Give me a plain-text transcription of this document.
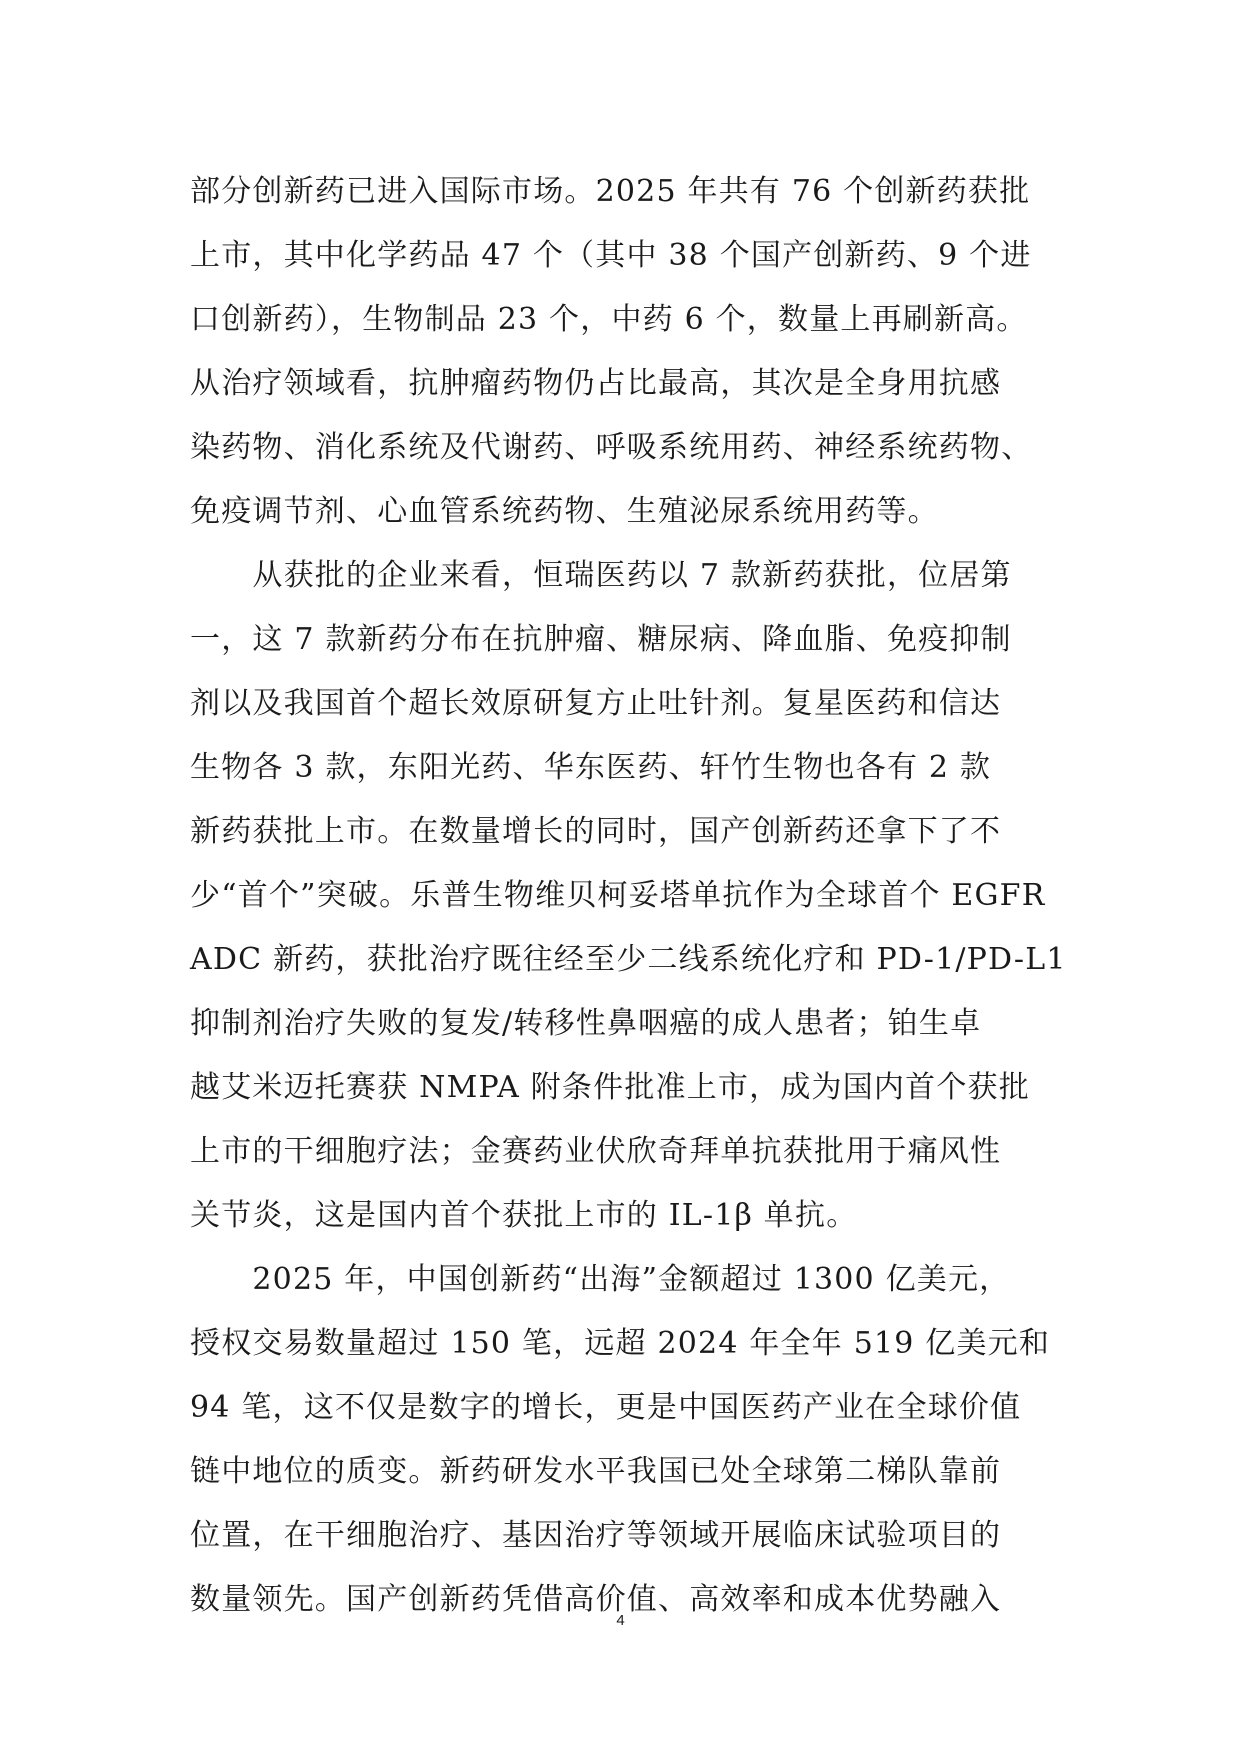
部分创新药已进入国际市场。2025 年共有 76 个创新药获批
上市，其中化学药品 47 个（其中 38 个国产创新药、9 个进
口创新药），生物制品 23 个，中药 6 个，数量上再刷新高。
从治疗领域看，抗肿瘤药物仍占比最高，其次是全身用抗感
染药物、消化系统及代谢药、呼吸系统用药、神经系统药物、
免疫调节剂、心血管系统药物、生殖泌尿系统用药等。
　　从获批的企业来看，恒瑞医药以 7 款新药获批，位居第
一，这 7 款新药分布在抗肿瘤、糖尿病、降血脂、免疫抑制
剂以及我国首个超长效原研复方止吐针剂。复星医药和信达
生物各 3 款，东阳光药、华东医药、轩竹生物也各有 2 款
新药获批上市。在数量增长的同时，国产创新药还拿下了不
少“首个”突破。乐普生物维贝柯妥塔单抗作为全球首个 EGFR
ADC 新药，获批治疗既往经至少二线系统化疗和 PD-1/PD-L1
抑制剂治疗失败的复发/转移性鼻咽癌的成人患者；铂生卓
越艾米迈托赛获 NMPA 附条件批准上市，成为国内首个获批
上市的干细胞疗法；金赛药业伏欣奇拜单抗获批用于痛风性
关节炎，这是国内首个获批上市的 IL-1β 单抗。
　　2025 年，中国创新药“出海”金额超过 1300 亿美元，
授权交易数量超过 150 笔，远超 2024 年全年 519 亿美元和
94 笔，这不仅是数字的增长，更是中国医药产业在全球价值
链中地位的质变。新药研发水平我国已处全球第二梯队靠前
位置，在干细胞治疗、基因治疗等领域开展临床试验项目的
数量领先。国产创新药凭借高价值、高效率和成本优势融入
4
